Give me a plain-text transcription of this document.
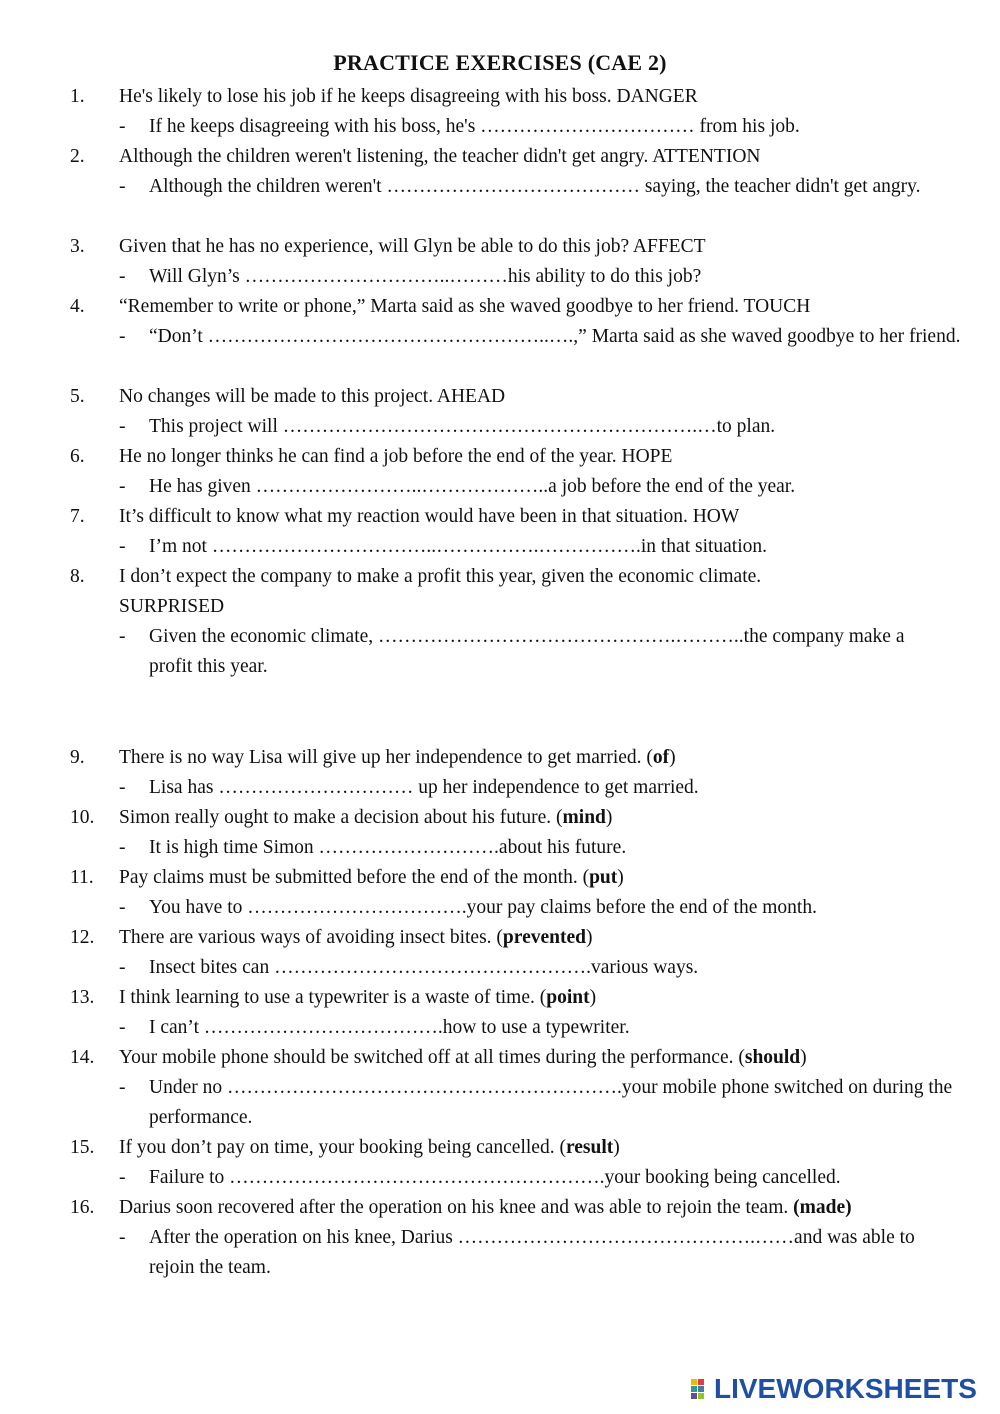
PRACTICE EXERCISES (CAE 2)
1. He's likely to lose his job if he keeps disagreeing with his boss. DANGER
- If he keeps disagreeing with his boss, he's …………………………… from his job.
2. Although the children weren't listening, the teacher didn't get angry. ATTENTION
- Although the children weren't ………………………………… saying, the teacher didn't get angry.
3. Given that he has no experience, will Glyn be able to do this job? AFFECT
- Will Glyn’s …………………………..………his ability to do this job?
4. “Remember to write or phone,” Marta said as she waved goodbye to her friend. TOUCH
- “Don’t ……………………………………………..….,” Marta said as she waved goodbye to her friend.
5. No changes will be made to this project. AHEAD
- This project will ……………………………………………………….…to plan.
6. He no longer thinks he can find a job before the end of the year. HOPE
- He has given ……………………..………………..a job before the end of the year.
7. It’s difficult to know what my reaction would have been in that situation. HOW
- I’m not ……………………………..…………….…………….in that situation.
8. I don’t expect the company to make a profit this year, given the economic climate. SURPRISED
- Given the economic climate, ……………………………………….………..the company make a profit this year.
9. There is no way Lisa will give up her independence to get married. (of)
- Lisa has ………………………… up her independence to get married.
10. Simon really ought to make a decision about his future. (mind)
- It is high time Simon ……………………….about his future.
11. Pay claims must be submitted before the end of the month. (put)
- You have to …………………………….your pay claims before the end of the month.
12. There are various ways of avoiding insect bites. (prevented)
- Insect bites can ………………………………………….various ways.
13. I think learning to use a typewriter is a waste of time. (point)
- I can’t ……………………………….how to use a typewriter.
14. Your mobile phone should be switched off at all times during the performance. (should)
- Under no …………………………………………………….your mobile phone switched on during the performance.
15. If you don’t pay on time, your booking being cancelled. (result)
- Failure to ………………………………………………….your booking being cancelled.
16. Darius soon recovered after the operation on his knee and was able to rejoin the team. (made)
- After the operation on his knee, Darius ……………………………………….……and was able to rejoin the team.
LIVEWORKSHEETS
